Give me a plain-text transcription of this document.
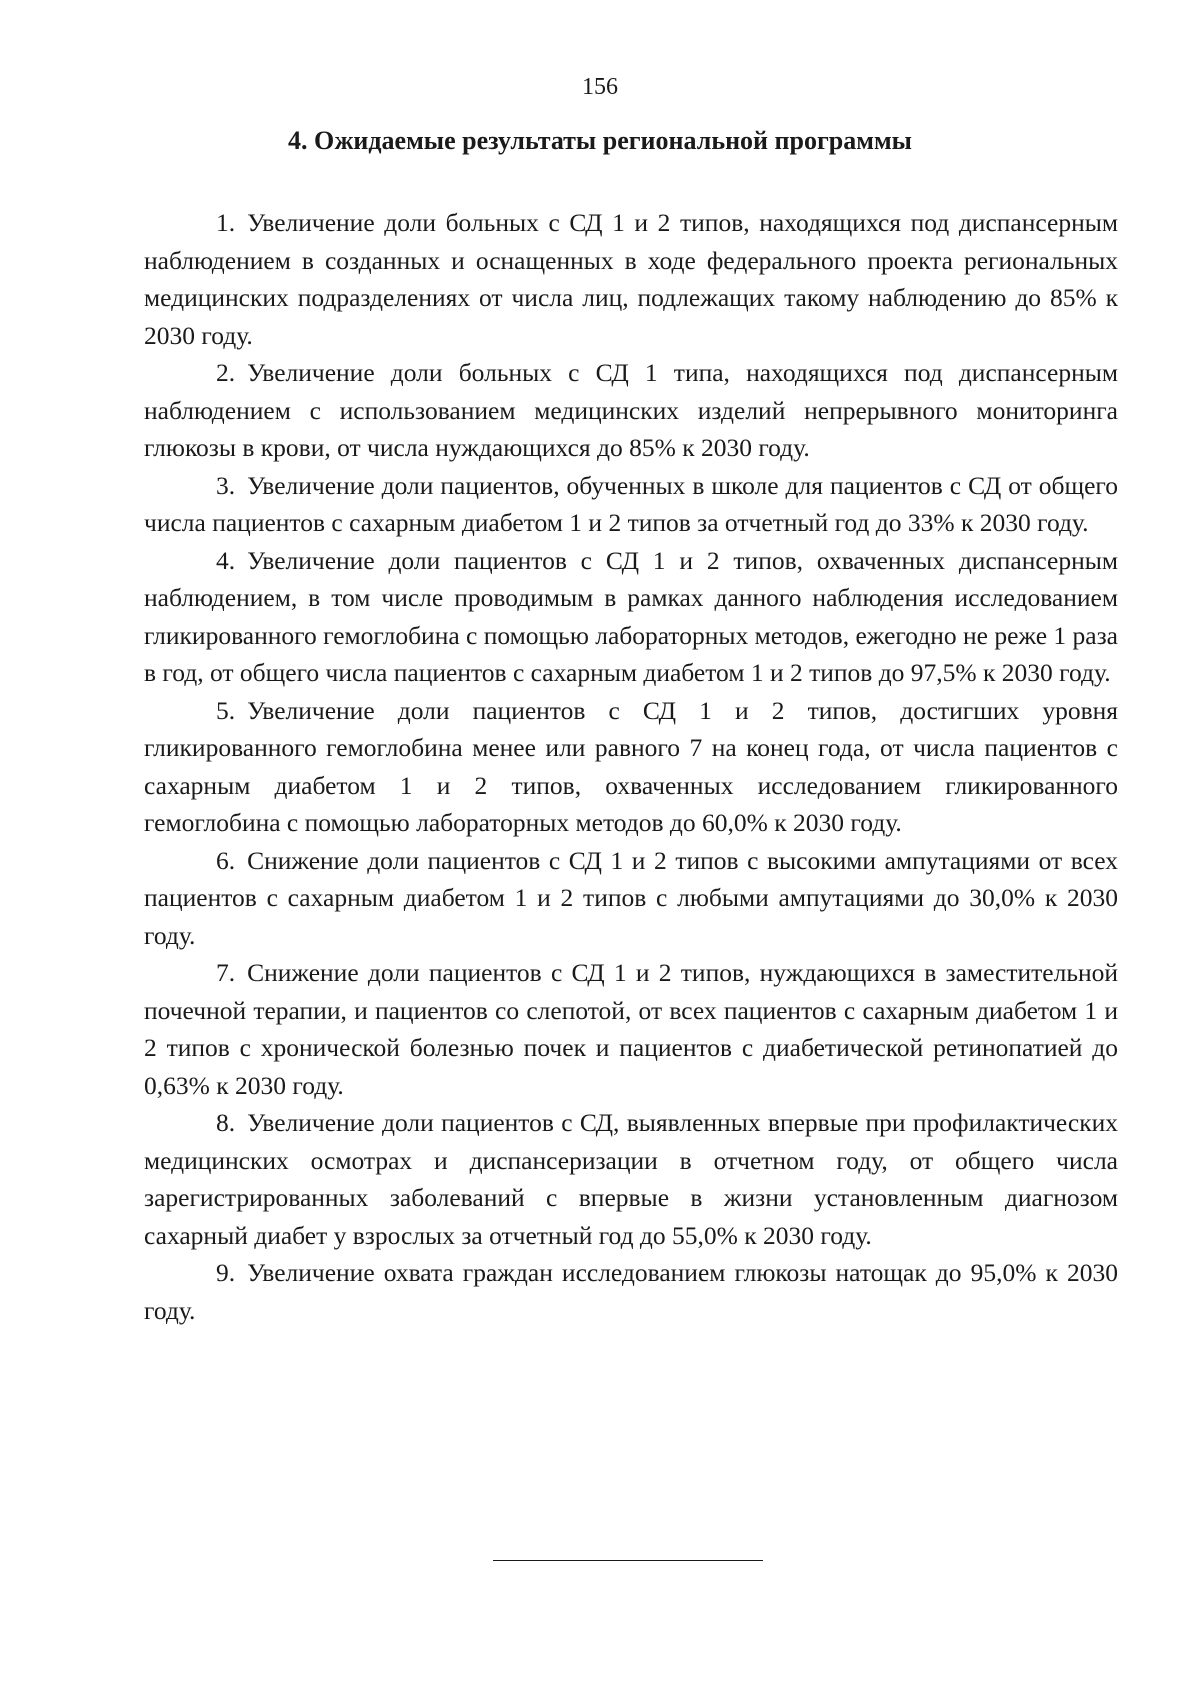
156

4. Ожидаемые результаты региональной программы
1. Увеличение доли больных с СД 1 и 2 типов, находящихся под диспансерным наблюдением в созданных и оснащенных в ходе федерального проекта региональных медицинских подразделениях от числа лиц, подлежащих такому наблюдению до 85% к 2030 году.
2. Увеличение доли больных с СД 1 типа, находящихся под диспансерным наблюдением с использованием медицинских изделий непрерывного мониторинга глюкозы в крови, от числа нуждающихся до 85% к 2030 году.
3. Увеличение доли пациентов, обученных в школе для пациентов с СД от общего числа пациентов с сахарным диабетом 1 и 2 типов за отчетный год до 33% к 2030 году.
4. Увеличение доли пациентов с СД 1 и 2 типов, охваченных диспансерным наблюдением, в том числе проводимым в рамках данного наблюдения исследованием гликированного гемоглобина с помощью лабораторных методов, ежегодно не реже 1 раза в год, от общего числа пациентов с сахарным диабетом 1 и 2 типов до 97,5% к 2030 году.
5. Увеличение доли пациентов с СД 1 и 2 типов, достигших уровня гликированного гемоглобина менее или равного 7 на конец года, от числа пациентов с сахарным диабетом 1 и 2 типов, охваченных исследованием гликированного гемоглобина с помощью лабораторных методов до 60,0% к 2030 году.
6. Снижение доли пациентов с СД 1 и 2 типов с высокими ампутациями от всех пациентов с сахарным диабетом 1 и 2 типов с любыми ампутациями до 30,0% к 2030 году.
7. Снижение доли пациентов с СД 1 и 2 типов, нуждающихся в заместительной почечной терапии, и пациентов со слепотой, от всех пациентов с сахарным диабетом 1 и 2 типов с хронической болезнью почек и пациентов с диабетической ретинопатией до 0,63% к 2030 году.
8. Увеличение доли пациентов с СД, выявленных впервые при профилактических медицинских осмотрах и диспансеризации в отчетном году, от общего числа зарегистрированных заболеваний с впервые в жизни установленным диагнозом сахарный диабет у взрослых за отчетный год до 55,0% к 2030 году.
9. Увеличение охвата граждан исследованием глюкозы натощак до 95,0% к 2030 году.
